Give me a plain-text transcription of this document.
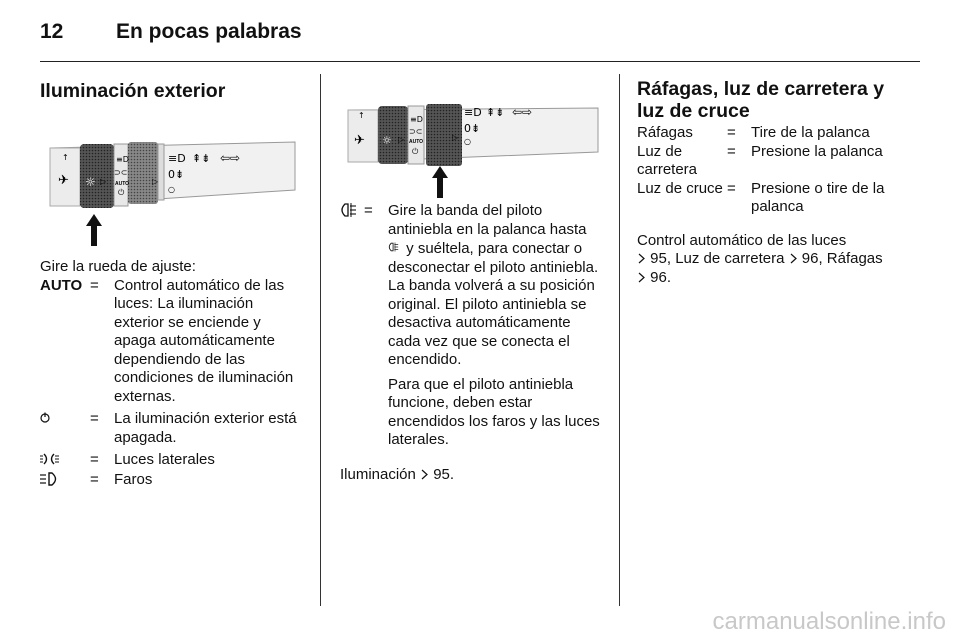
12	En pocas palabras
Iluminación exterior
✈ ☼ ▷
≡D
⊃⊂
AUTO
⏻
▷
≡D ⇞⇟ ⇦⇨
0⇟
○
↑
Gire la rueda de ajuste:
AUTO	=	Control automático de las luces: La iluminación exterior se enciende y apaga automáticamente dependiendo de las condiciones de iluminación externas.
	=	La iluminación exterior está apagada.
	=	Luces laterales
	=	Faros
✈ ☼ ▷
≡D
⊃⊂
AUTO
⏻
▷
≡D ⇞⇟ ⇦⇨
0⇟
○
↑
	=	Gire la banda del piloto antiniebla en la palanca hasta  y suéltela, para conectar o desconectar el piloto antiniebla. La banda volverá a su posición original. El piloto antiniebla se desactiva automáticamente cada vez que se conecta el encendido.
Para que el piloto antiniebla funcione, deben estar encendidos los faros y las luces laterales.
Iluminación 95.
Ráfagas, luz de carretera y luz de cruce
Ráfagas	=	Tire de la palanca
Luz de carretera	=	Presione la palanca
Luz de cruce	=	Presione o tire de la palanca
Control automático de las luces
95, Luz de carretera 96, Ráfagas
96.
carmanualsonline.info
